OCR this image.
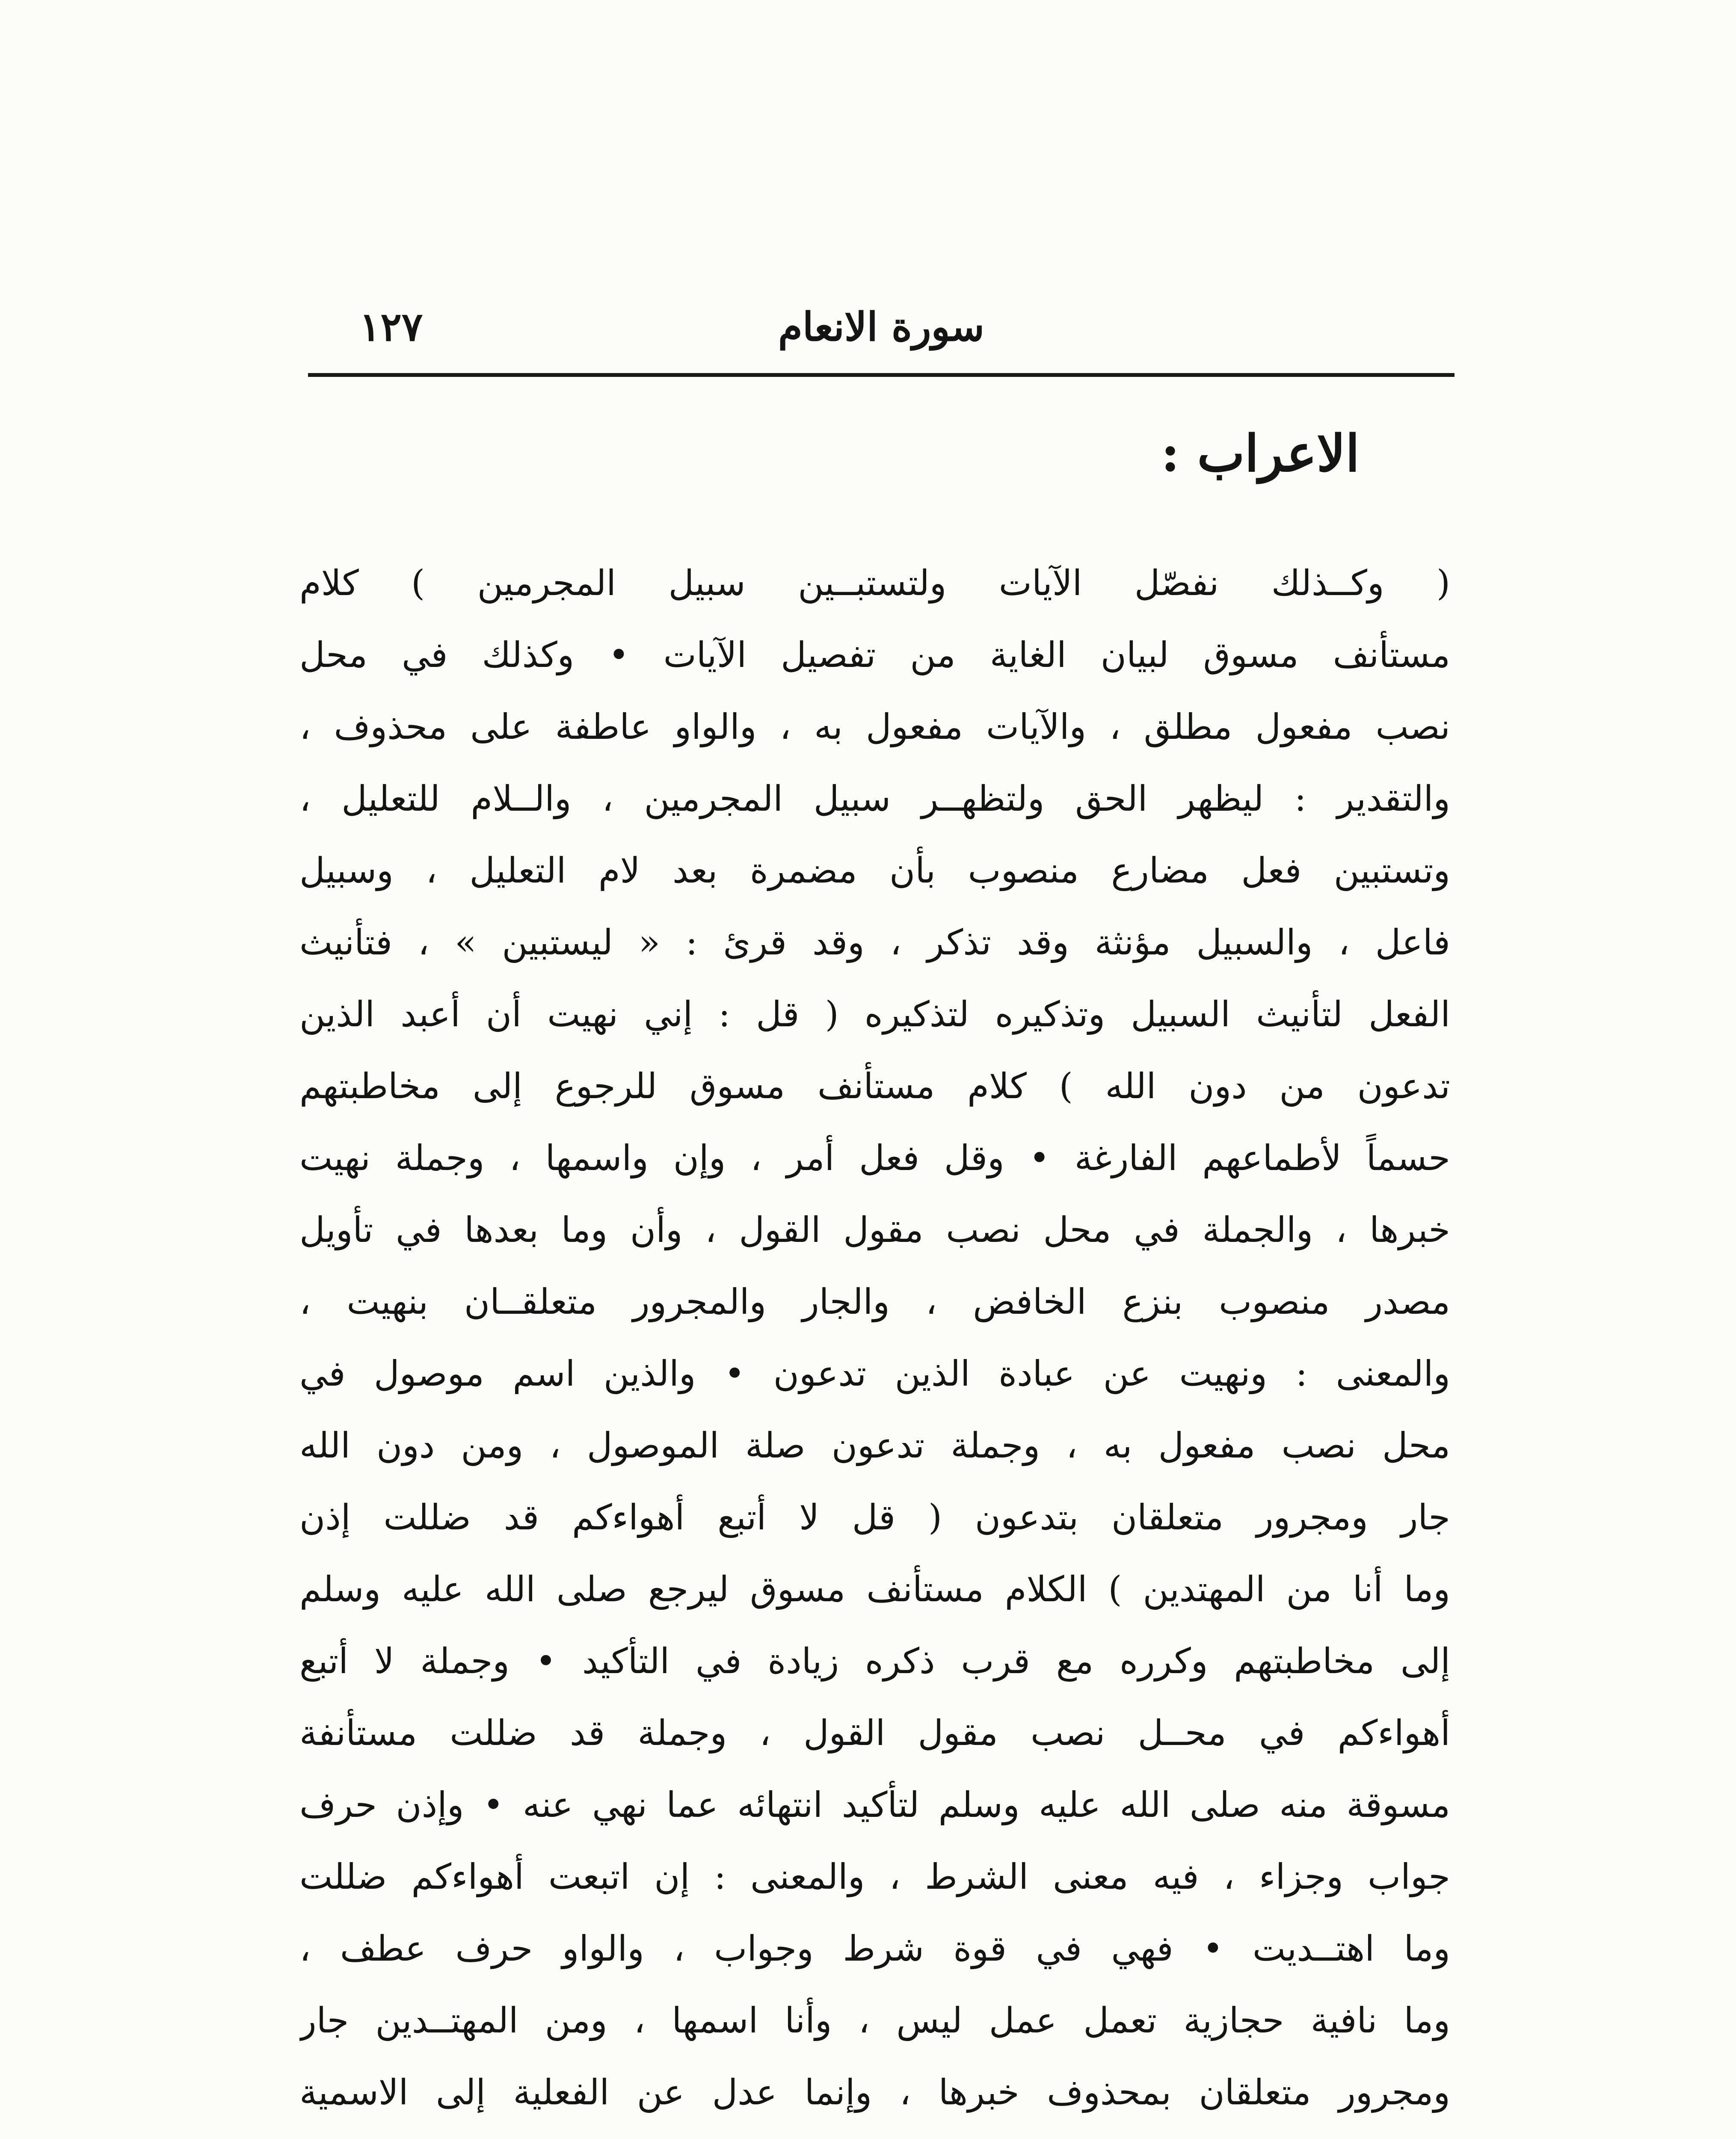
سورة الانعام
١٢٧
الاعراب :
( وكــذلك نفصّل الآيات ولتستبــين سبيل المجرمين ) كلام
مستأنف مسوق لبيان الغاية من تفصيل الآيات • وكذلك في محل
نصب مفعول مطلق ، والآيات مفعول به ، والواو عاطفة على محذوف ،
والتقدير : ليظهر الحق ولتظهــر سبيل المجرمين ، والــلام للتعليل ،
وتستبين فعل مضارع منصوب بأن مضمرة بعد لام التعليل ، وسبيل
فاعل ، والسبيل مؤنثة وقد تذكر ، وقد قرئ : « ليستبين » ، فتأنيث
الفعل لتأنيث السبيل وتذكيره لتذكيره ( قل : إني نهيت أن أعبد الذين
تدعون من دون الله ) كلام مستأنف مسوق للرجوع إلى مخاطبتهم
حسماً لأطماعهم الفارغة • وقل فعل أمر ، وإن واسمها ، وجملة نهيت
خبرها ، والجملة في محل نصب مقول القول ، وأن وما بعدها في تأويل
مصدر منصوب بنزع الخافض ، والجار والمجرور متعلقــان بنهيت ،
والمعنى : ونهيت عن عبادة الذين تدعون • والذين اسم موصول في
محل نصب مفعول به ، وجملة تدعون صلة الموصول ، ومن دون الله
جار ومجرور متعلقان بتدعون ( قل لا أتبع أهواءكم قد ضللت إذن
وما أنا من المهتدين ) الكلام مستأنف مسوق ليرجع صلى الله عليه وسلم
إلى مخاطبتهم وكرره مع قرب ذكره زيادة في التأكيد • وجملة لا أتبع
أهواءكم في محــل نصب مقول القول ، وجملة قد ضللت مستأنفة
مسوقة منه صلى الله عليه وسلم لتأكيد انتهائه عما نهي عنه • وإذن حرف
جواب وجزاء ، فيه معنى الشرط ، والمعنى : إن اتبعت أهواءكم ضللت
وما اهتــديت • فهي في قوة شرط وجواب ، والواو حرف عطف ،
وما نافية حجازية تعمل عمل ليس ، وأنا اسمها ، ومن المهتــدين جار
ومجرور متعلقان بمحذوف خبرها ، وإنما عدل عن الفعلية إلى الاسمية
